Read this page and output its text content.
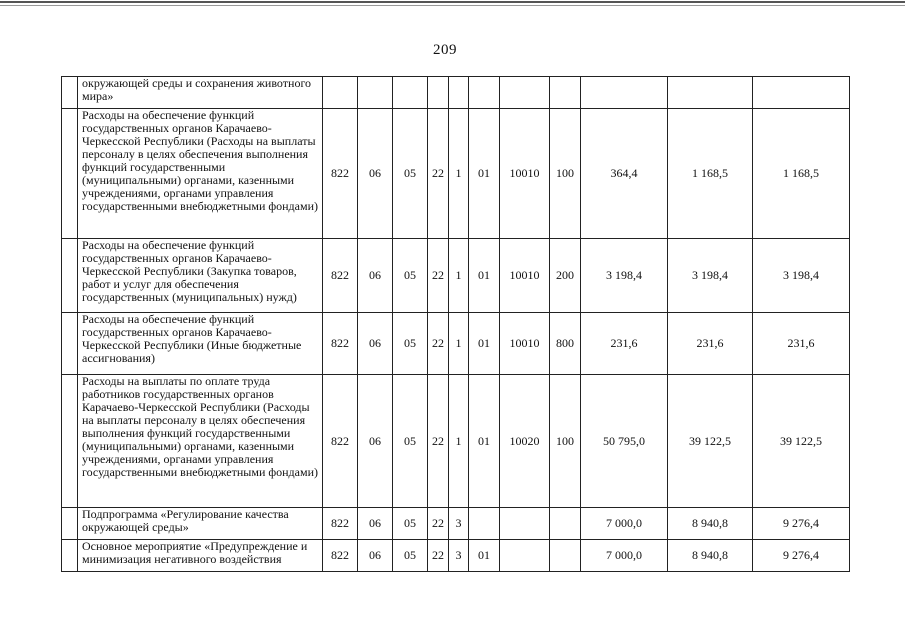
209
	окружающей среды и сохранения животного мира»											
	Расходы на обеспечение функций государственных органов Карачаево-Черкесской Республики (Расходы на выплаты персоналу в целях обеспечения выполнения функций государственными (муниципальными) органами, казенными учреждениями, органами управления государственными внебюджетными фондами)	822	06	05	22	1	01	10010	100	364,4	1 168,5	1 168,5
	Расходы на обеспечение функций государственных органов Карачаево-Черкесской Республики (Закупка товаров, работ и услуг для обеспечения государственных (муниципальных) нужд)	822	06	05	22	1	01	10010	200	3 198,4	3 198,4	3 198,4
	Расходы на обеспечение функций государственных органов Карачаево-Черкесской Республики (Иные бюджетные ассигнования)	822	06	05	22	1	01	10010	800	231,6	231,6	231,6
	Расходы на выплаты по оплате труда работников государственных органов Карачаево-Черкесской Республики (Расходы на выплаты персоналу в целях обеспечения выполнения функций государственными (муниципальными) органами, казенными учреждениями, органами управления государственными внебюджетными фондами)	822	06	05	22	1	01	10020	100	50 795,0	39 122,5	39 122,5
	Подпрограмма «Регулирование качества окружающей среды»	822	06	05	22	3				7 000,0	8 940,8	9 276,4
	Основное мероприятие «Предупреждение и минимизация негативного воздействия	822	06	05	22	3	01			7 000,0	8 940,8	9 276,4
